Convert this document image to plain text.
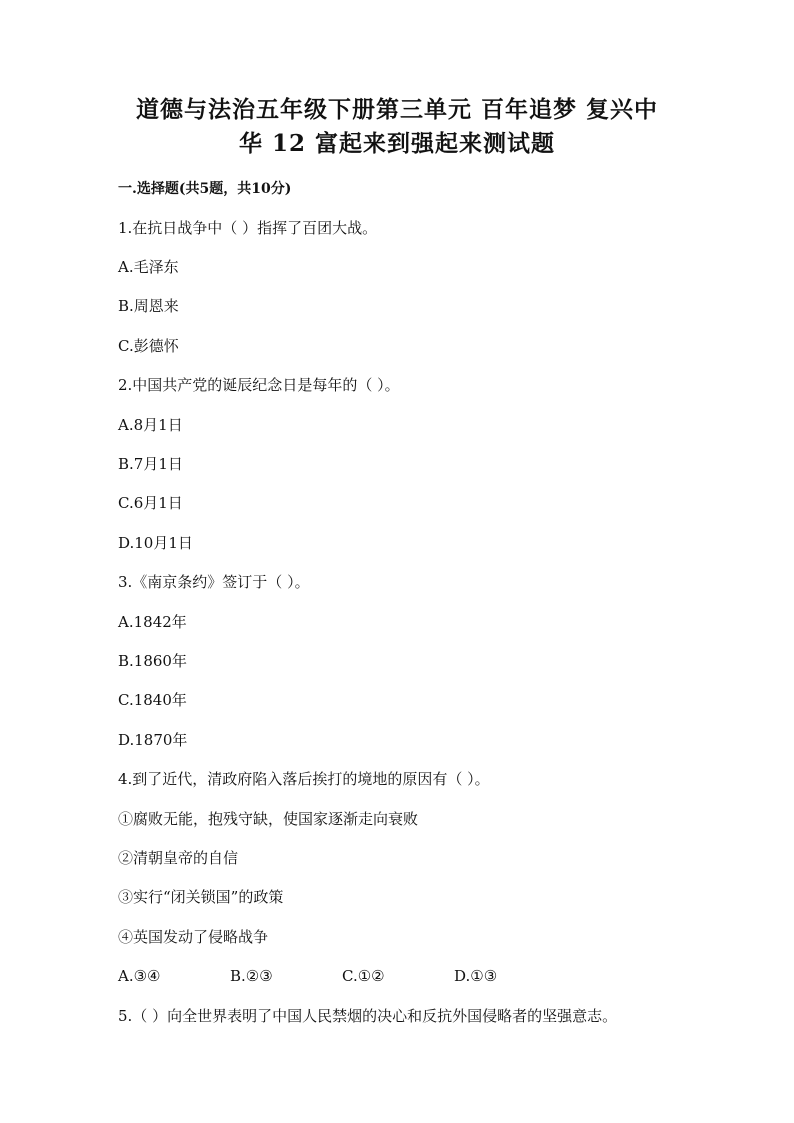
道德与法治五年级下册第三单元 百年追梦 复兴中
华 12 富起来到强起来测试题
一.选择题(共5题，共10分)
1.在抗日战争中（ ）指挥了百团大战。
A.毛泽东
B.周恩来
C.彭德怀
2.中国共产党的诞辰纪念日是每年的（ ）。
A.8月1日
B.7月1日
C.6月1日
D.10月1日
3.《南京条约》签订于（ ）。
A.1842年
B.1860年
C.1840年
D.1870年
4.到了近代，清政府陷入落后挨打的境地的原因有（ ）。
①腐败无能，抱残守缺，使国家逐渐走向衰败
②清朝皇帝的自信
③实行“闭关锁国”的政策
④英国发动了侵略战争
A.③④	B.②③	C.①②	D.①③
5.（ ）向全世界表明了中国人民禁烟的决心和反抗外国侵略者的坚强意志。
